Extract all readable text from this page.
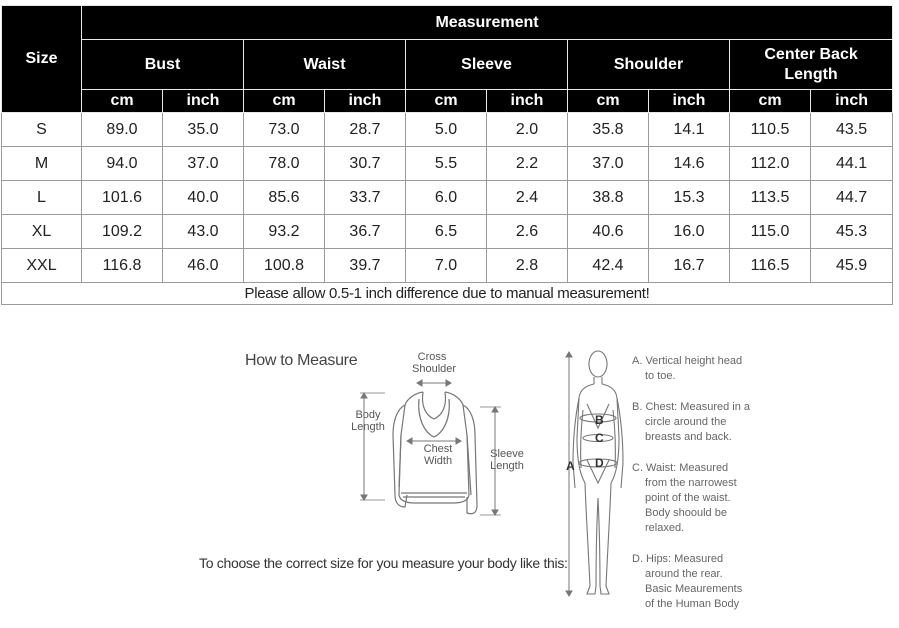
Size	Measurement									
	Bust		Waist		Sleeve		Shoulder		Center Back Length	
	cm	inch	cm	inch	cm	inch	cm	inch	cm	inch
S	89.0	35.0	73.0	28.7	5.0	2.0	35.8	14.1	110.5	43.5
M	94.0	37.0	78.0	30.7	5.5	2.2	37.0	14.6	112.0	44.1
L	101.6	40.0	85.6	33.7	6.0	2.4	38.8	15.3	113.5	44.7
XL	109.2	43.0	93.2	36.7	6.5	2.6	40.6	16.0	115.0	45.3
XXL	116.8	46.0	100.8	39.7	7.0	2.8	42.4	16.7	116.5	45.9
Please allow 0.5-1 inch difference due to manual measurement!										
How to Measure	Cross Shoulder
Body Length
Chest Width
Sleeve Length
To choose the correct size for you measure your body like this:
A
B
C
D
A. Vertical height head
to toe.
B. Chest: Measured in a
circle around the
breasts and back.
C. Waist: Measured
from the narrowest
point of the waist.
Body shoould be
relaxed.
D. Hips: Measured
around the rear.
Basic Meaurements
of the Human Body
